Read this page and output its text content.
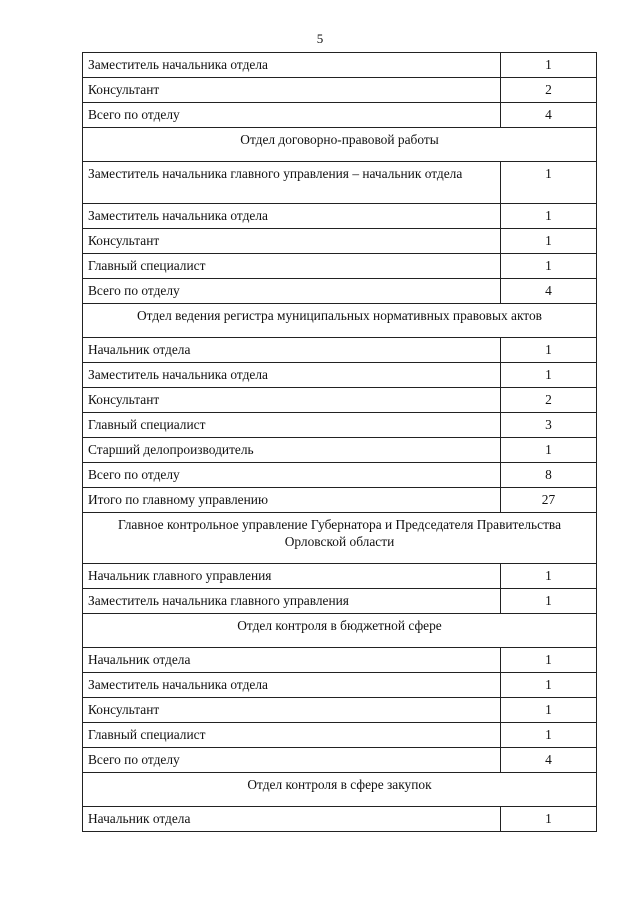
5
Заместитель начальника отдела	1
Консультант	2
Всего по отделу	4
Отдел договорно-правовой работы	
Заместитель начальника главного управления – начальник отдела	1
Заместитель начальника отдела	1
Консультант	1
Главный специалист	1
Всего по отделу	4
Отдел ведения регистра муниципальных нормативных правовых актов	
Начальник отдела	1
Заместитель начальника отдела	1
Консультант	2
Главный специалист	3
Старший делопроизводитель	1
Всего по отделу	8
Итого по главному управлению	27
Главное контрольное управление Губернатора и Председателя Правительства Орловской области	
Начальник главного управления	1
Заместитель начальника главного управления	1
Отдел контроля в бюджетной сфере	
Начальник отдела	1
Заместитель начальника отдела	1
Консультант	1
Главный специалист	1
Всего по отделу	4
Отдел контроля в сфере закупок	
Начальник отдела	1
